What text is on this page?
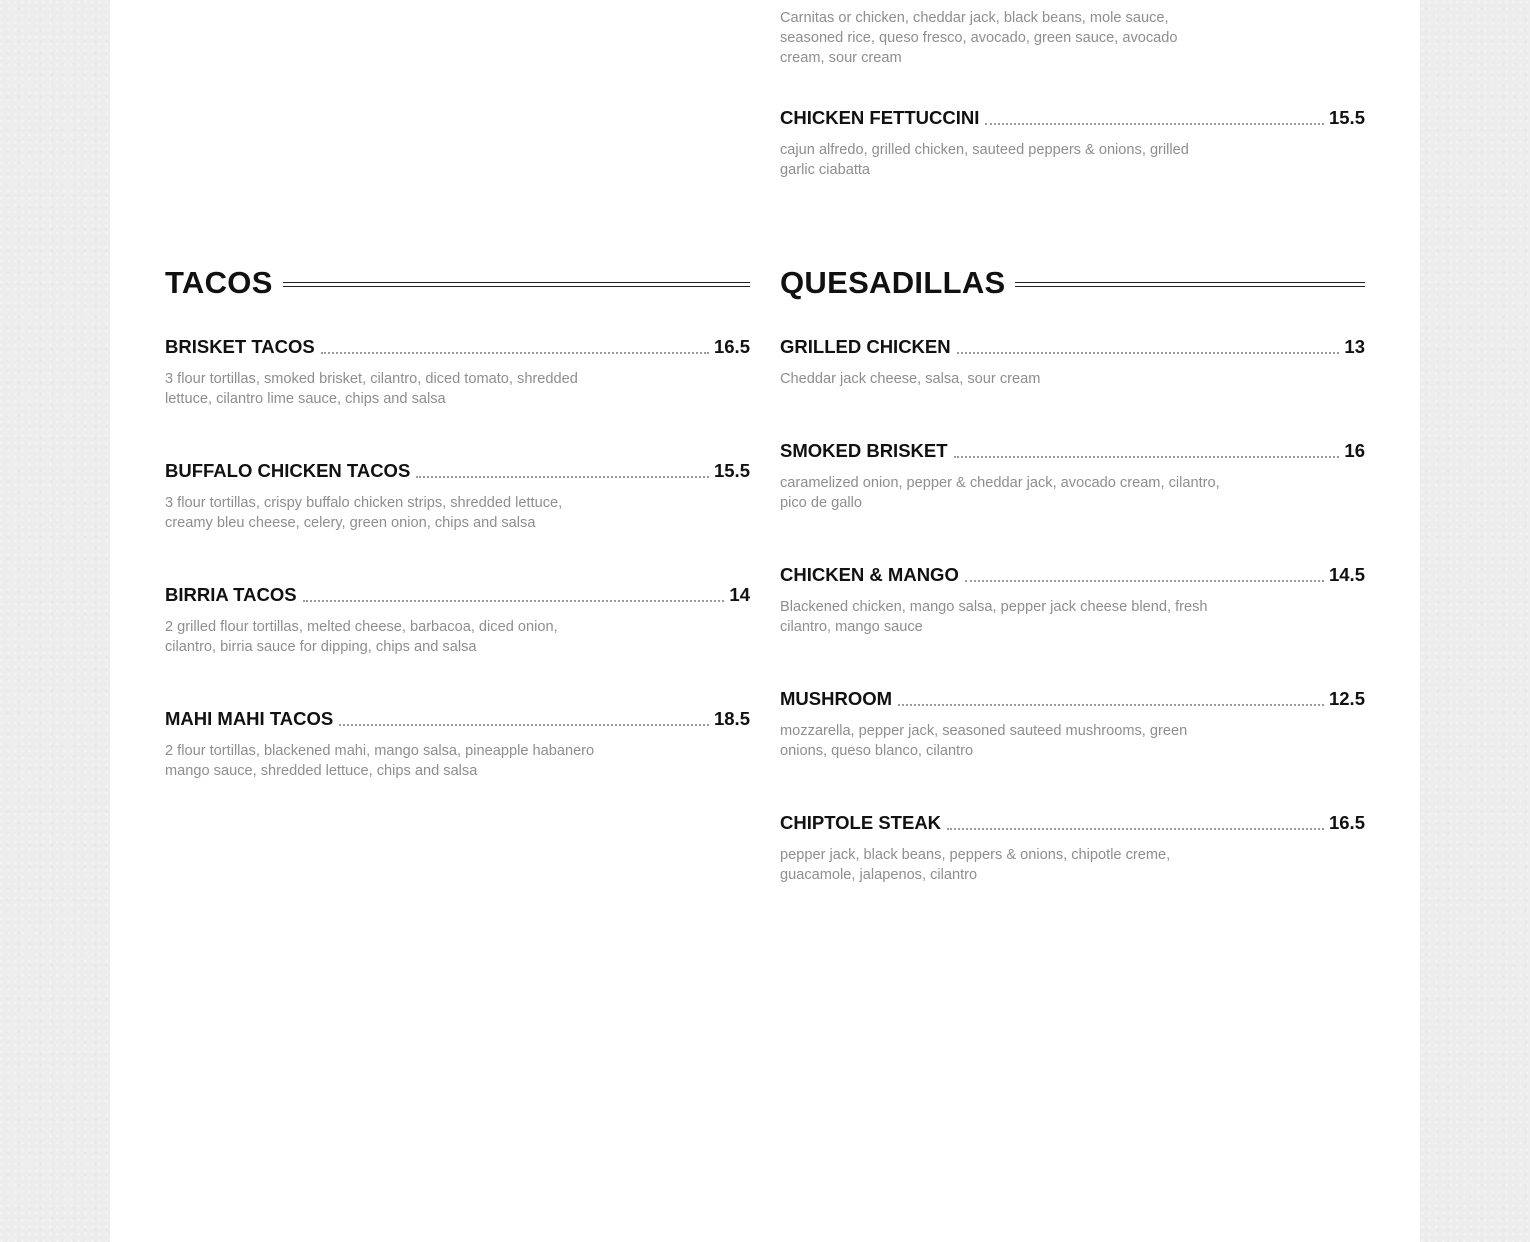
Carnitas or chicken, cheddar jack, black beans, mole sauce, seasoned rice, queso fresco, avocado, green sauce, avocado cream, sour cream
CHICKEN FETTUCCINI	15.5
cajun alfredo, grilled chicken, sauteed peppers & onions, grilled garlic ciabatta
TACOS
BRISKET TACOS	16.5
3 flour tortillas, smoked brisket, cilantro, diced tomato, shredded lettuce, cilantro lime sauce, chips and salsa
BUFFALO CHICKEN TACOS	15.5
3 flour tortillas, crispy buffalo chicken strips, shredded lettuce, creamy bleu cheese, celery, green onion, chips and salsa
BIRRIA TACOS	14
2 grilled flour tortillas, melted cheese, barbacoa, diced onion, cilantro, birria sauce for dipping, chips and salsa
MAHI MAHI TACOS	18.5
2 flour tortillas, blackened mahi, mango salsa, pineapple habanero mango sauce, shredded lettuce, chips and salsa
QUESADILLAS
GRILLED CHICKEN	13
Cheddar jack cheese, salsa, sour cream
SMOKED BRISKET	16
caramelized onion, pepper & cheddar jack, avocado cream, cilantro, pico de gallo
CHICKEN & MANGO	14.5
Blackened chicken, mango salsa, pepper jack cheese blend, fresh cilantro, mango sauce
MUSHROOM	12.5
mozzarella, pepper jack, seasoned sauteed mushrooms, green onions, queso blanco, cilantro
CHIPTOLE STEAK	16.5
pepper jack, black beans, peppers & onions, chipotle creme, guacamole, jalapenos, cilantro
